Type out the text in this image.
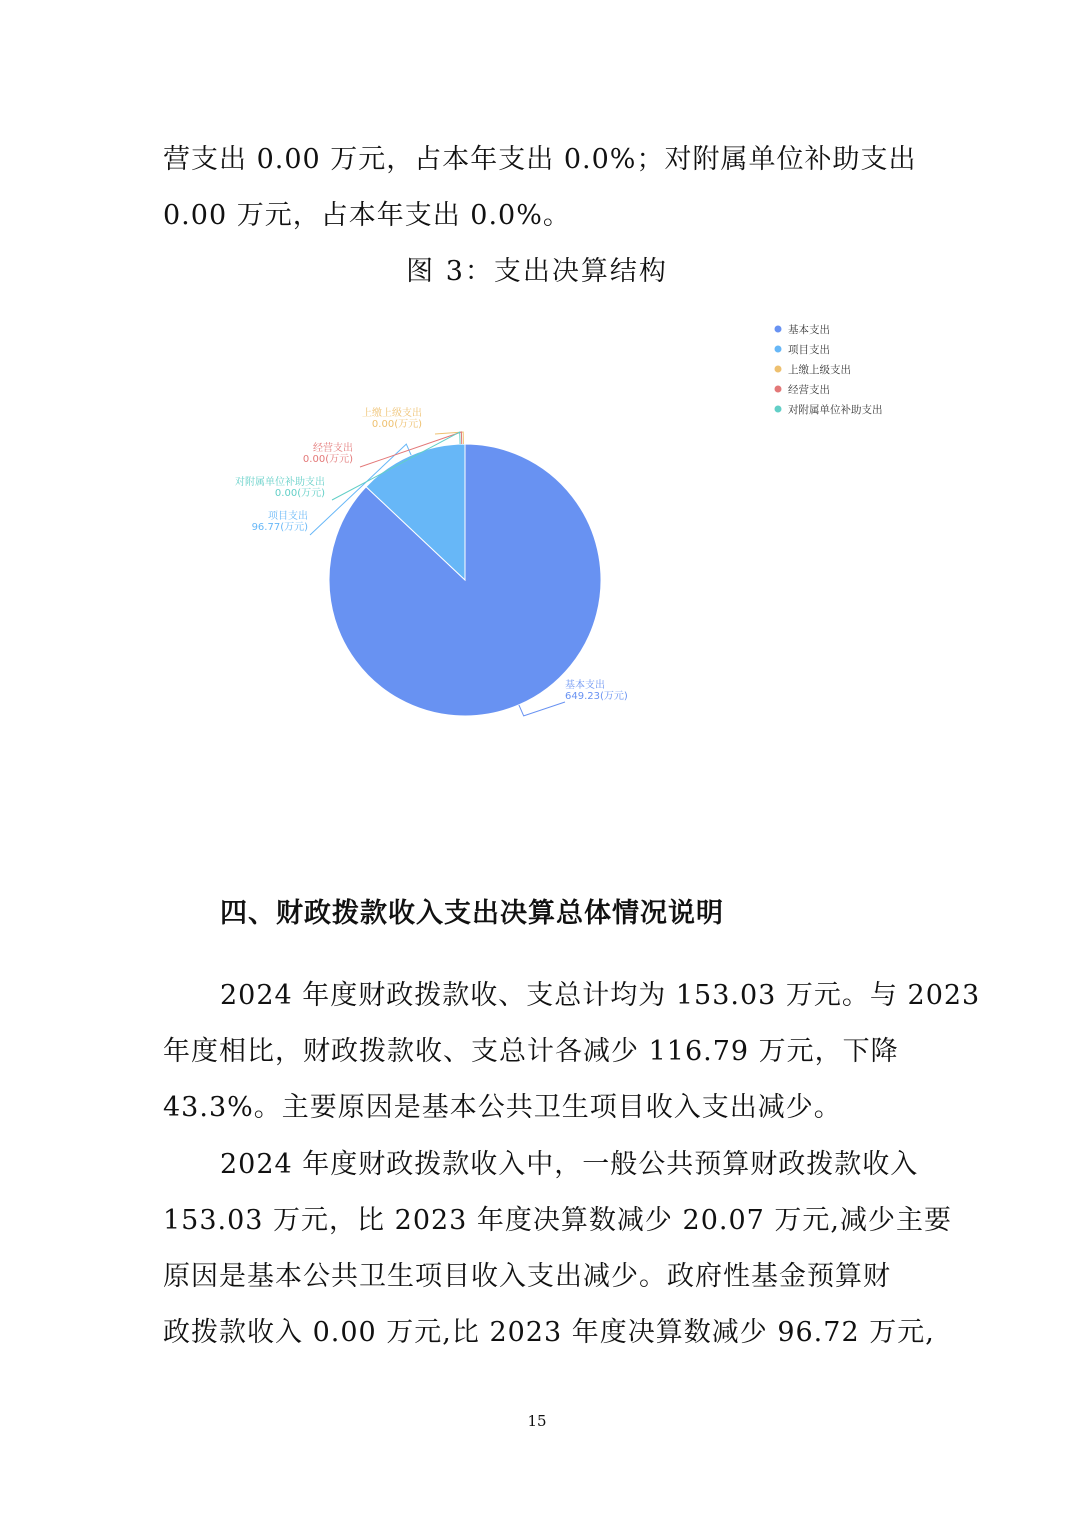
营支出 0.00 万元，占本年支出 0.0%；对附属单位补助支出
0.00 万元，占本年支出 0.0%。
图 3：支出决算结构
基本支出
649.23(万元)
项目支出
96.77(万元)
上缴上级支出
0.00(万元)
经营支出
0.00(万元)
对附属单位补助支出
0.00(万元)
基本支出
项目支出
上缴上级支出
经营支出
对附属单位补助支出
四、财政拨款收入支出决算总体情况说明
2024 年度财政拨款收、支总计均为 153.03 万元。与 2023
年度相比，财政拨款收、支总计各减少 116.79 万元，下降
43.3%。主要原因是基本公共卫生项目收入支出减少。
2024 年度财政拨款收入中，一般公共预算财政拨款收入
153.03 万元，比 2023 年度决算数减少 20.07 万元,减少主要
原因是基本公共卫生项目收入支出减少。政府性基金预算财
政拨款收入 0.00 万元,比 2023 年度决算数减少 96.72 万元,
15
